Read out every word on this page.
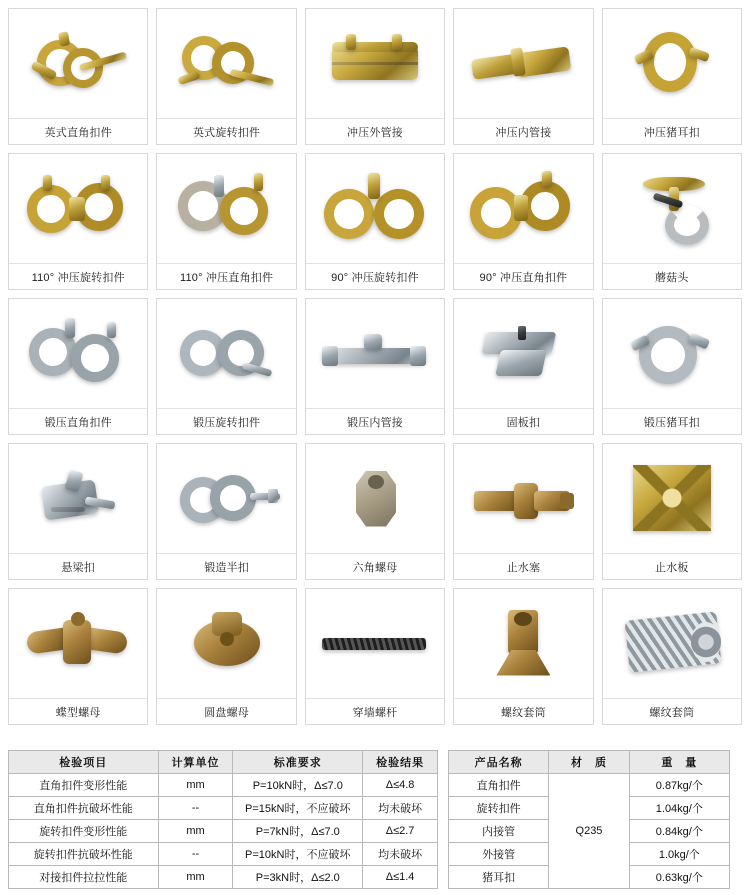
英式直角扣件	英式旋转扣件	冲压外管接	冲压内管接	冲压猪耳扣
110° 冲压旋转扣件	110° 冲压直角扣件	90° 冲压旋转扣件	90° 冲压直角扣件	蘑菇头
锻压直角扣件	锻压旋转扣件	锻压内管接	固板扣	锻压猪耳扣
悬梁扣	锻造半扣	六角螺母	止水塞	止水板
蝶型螺母	圆盘螺母	穿墙螺杆	螺纹套筒	螺纹套筒
检验项目	计算单位	标准要求	检验结果
直角扣件变形性能	mm	P=10kN时，Δ≤7.0	Δ≤4.8
直角扣件抗破坏性能	--	P=15kN时，不应破坏	均未破坏
旋转扣件变形性能	mm	P=7kN时，Δ≤7.0	Δ≤2.7
旋转扣件抗破坏性能	--	P=10kN时，不应破坏	均未破坏
对接扣件拉拉性能	mm	P=3kN时，Δ≤2.0	Δ≤1.4
产品名称	材　质	重　量
直角扣件	Q235	0.87kg/个
旋转扣件		1.04kg/个
内接管		0.84kg/个
外接管		1.0kg/个
猪耳扣		0.63kg/个
